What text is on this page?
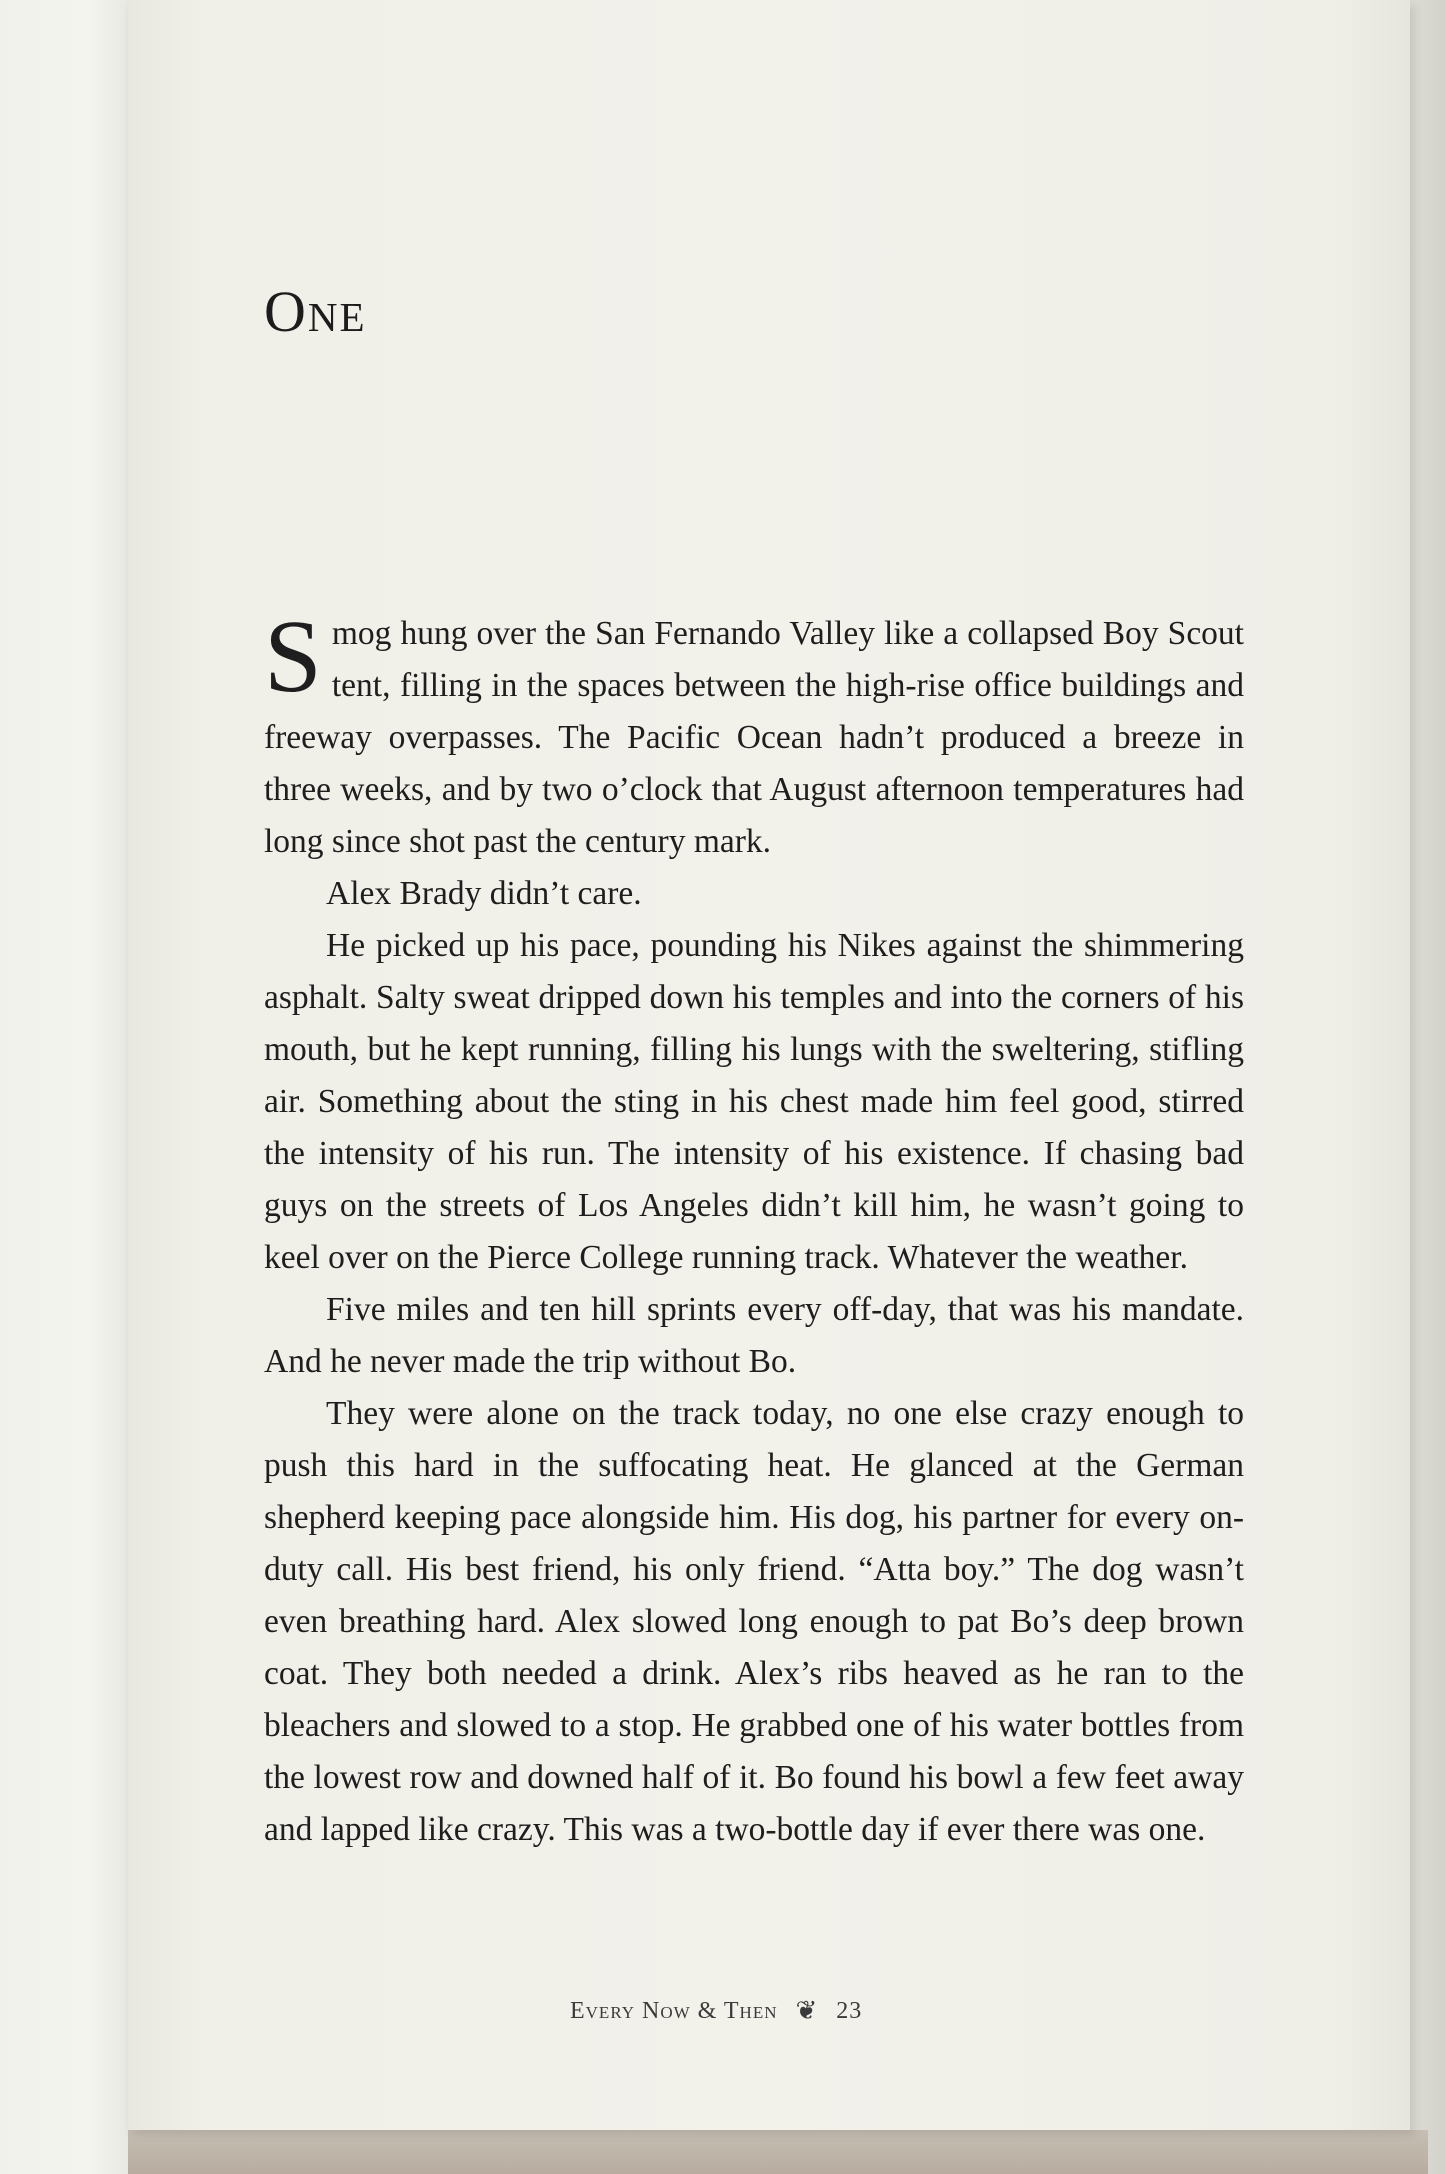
One

Smog hung over the San Fernando Valley like a collapsed Boy Scout tent, filling in the spaces between the high-rise office buildings and freeway overpasses. The Pacific Ocean hadn’t produced a breeze in three weeks, and by two o’clock that August afternoon temperatures had long since shot past the century mark.

Alex Brady didn’t care.

He picked up his pace, pounding his Nikes against the shimmering asphalt. Salty sweat dripped down his temples and into the corners of his mouth, but he kept running, filling his lungs with the sweltering, stifling air. Something about the sting in his chest made him feel good, stirred the intensity of his run. The intensity of his existence. If chasing bad guys on the streets of Los Angeles didn’t kill him, he wasn’t going to keel over on the Pierce College running track. Whatever the weather.

Five miles and ten hill sprints every off-day, that was his mandate. And he never made the trip without Bo.

They were alone on the track today, no one else crazy enough to push this hard in the suffocating heat. He glanced at the German shepherd keeping pace alongside him. His dog, his partner for every on-duty call. His best friend, his only friend. “Atta boy.” The dog wasn’t even breathing hard. Alex slowed long enough to pat Bo’s deep brown coat. They both needed a drink. Alex’s ribs heaved as he ran to the bleachers and slowed to a stop. He grabbed one of his water bottles from the lowest row and downed half of it. Bo found his bowl a few feet away and lapped like crazy. This was a two-bottle day if ever there was one.

Every Now & Then ❦ 23
